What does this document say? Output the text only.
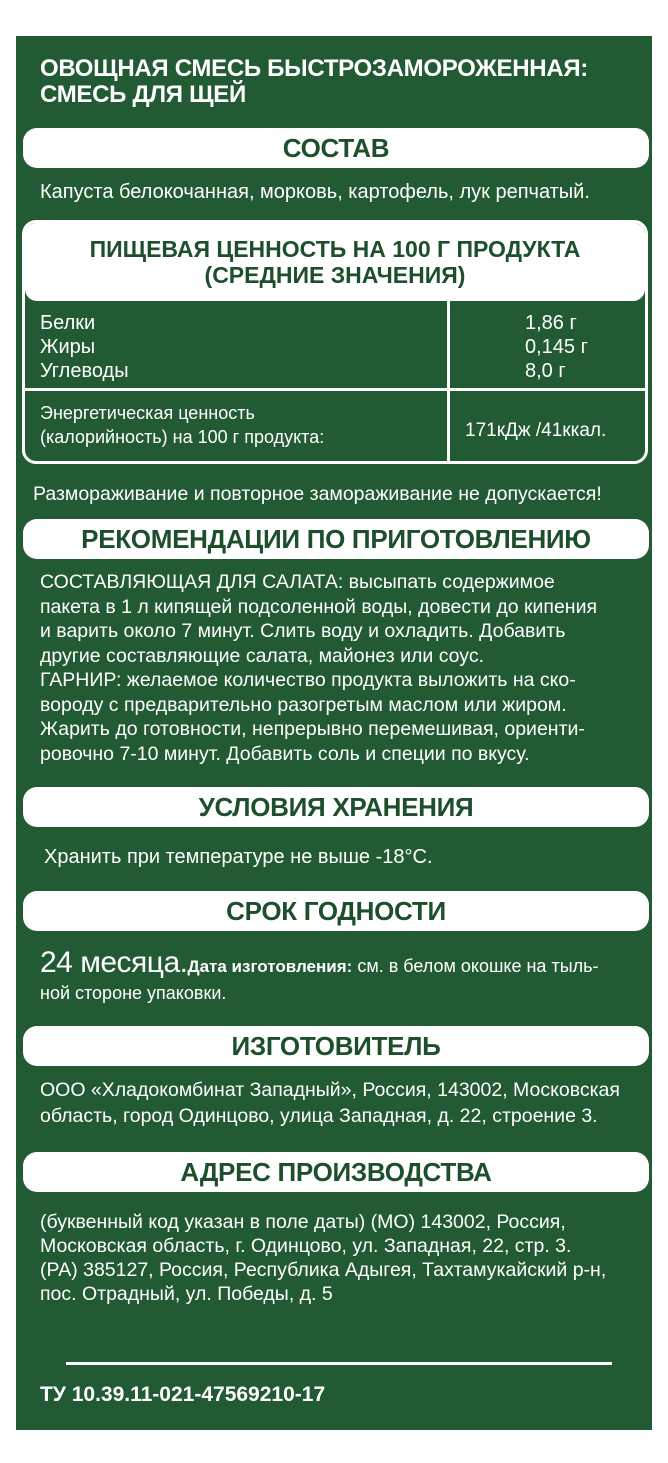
ОВОЩНАЯ СМЕСЬ БЫСТРОЗАМОРОЖЕННАЯ:
СМЕСЬ ДЛЯ ЩЕЙ
СОСТАВ
Капуста белокочанная, морковь, картофель, лук репчатый.
ПИЩЕВАЯ ЦЕННОСТЬ НА 100 Г ПРОДУКТА
(СРЕДНИЕ ЗНАЧЕНИЯ)
Белки
Жиры
Углеводы
1,86 г
0,145 г
8,0 г
Энергетическая ценность
(калорийность) на 100 г продукта:	171кДж /41ккал.
Размораживание и повторное замораживание не допускается!
РЕКОМЕНДАЦИИ ПО ПРИГОТОВЛЕНИЮ
СОСТАВЛЯЮЩАЯ ДЛЯ САЛАТА: высыпать содержимое
пакета в 1 л кипящей подсоленной воды, довести до кипения
и варить около 7 минут. Слить воду и охладить. Добавить
другие составляющие салата, майонез или соус.
ГАРНИР: желаемое количество продукта выложить на ско-
вороду с предварительно разогретым маслом или жиром.
Жарить до готовности, непрерывно перемешивая, ориенти-
ровочно 7-10 минут. Добавить соль и специи по вкусу.
УСЛОВИЯ ХРАНЕНИЯ
Хранить при температуре не выше -18°С.
СРОК ГОДНОСТИ
24 месяца.Дата изготовления: см. в белом окошке на тыль-
ной стороне упаковки.
ИЗГОТОВИТЕЛЬ
ООО «Хладокомбинат Западный», Россия, 143002, Московская
область, город Одинцово, улица Западная, д. 22, строение 3.
АДРЕС ПРОИЗВОДСТВА
(буквенный код указан в поле даты) (МО) 143002, Россия,
Московская область, г. Одинцово, ул. Западная, 22, стр. 3.
(РА) 385127, Россия, Республика Адыгея, Тахтамукайский р-н,
пос. Отрадный, ул. Победы, д. 5
ТУ 10.39.11-021-47569210-17
